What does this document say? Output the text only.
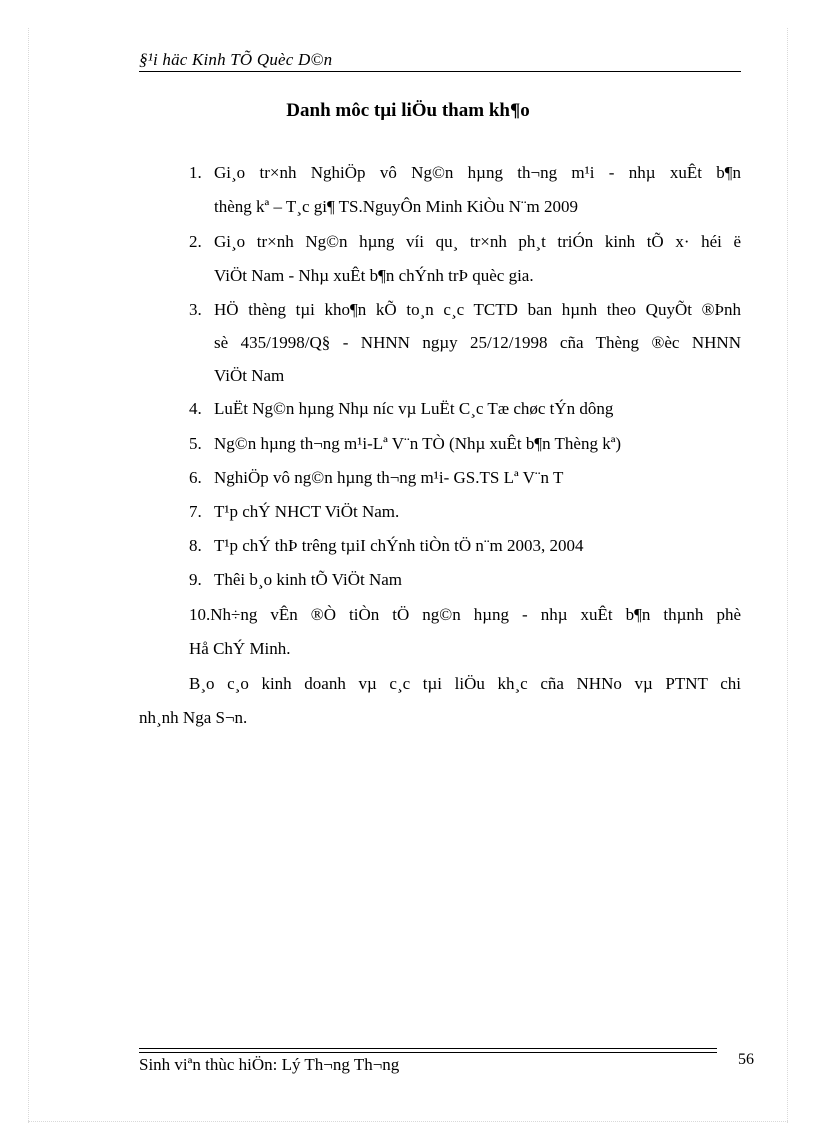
§¹i häc Kinh TÕ Quèc D©n
Danh môc tµi liÖu tham kh¶o
1. Gi¸o tr×nh NghiÖp vô Ng©n hµng th¬ng m¹i - nhµ xuÊt b¶n
thèng kª – T¸c gi¶ TS.NguyÔn Minh KiÒu N¨m 2009
2. Gi¸o tr×nh Ng©n hµng víi qu¸ tr×nh ph¸t triÓn kinh tÕ x· héi ë
ViÖt Nam - Nhµ xuÊt b¶n chÝnh trÞ quèc gia.
3. HÖ thèng tµi kho¶n kÕ to¸n c¸c TCTD ban hµnh theo QuyÕt ®Þnh
sè 435/1998/Q§ - NHNN ngµy 25/12/1998 cña Thèng ®èc NHNN
ViÖt Nam
4. LuËt Ng©n hµng Nhµ níc vµ LuËt C¸c Tæ chøc tÝn dông
5. Ng©n hµng th¬ng m¹i-Lª V¨n TÒ (Nhµ xuÊt b¶n Thèng kª)
6. NghiÖp vô ng©n hµng th¬ng m¹i- GS.TS Lª V¨n T
7. T¹p chÝ NHCT ViÖt Nam.
8. T¹p chÝ thÞ trêng tµiI chÝnh tiÒn tÖ n¨m 2003, 2004
9. Thêi b¸o kinh tÕ ViÖt Nam
10.Nh÷ng vÊn ®Ò tiÒn tÖ ng©n hµng - nhµ xuÊt b¶n thµnh phè
Hå ChÝ Minh.
B¸o c¸o kinh doanh vµ c¸c tµi liÖu kh¸c cña NHNo vµ PTNT chi
nh¸nh Nga S¬n.
Sinh viªn thùc hiÖn: Lý Th¬ng Th¬ng	56
